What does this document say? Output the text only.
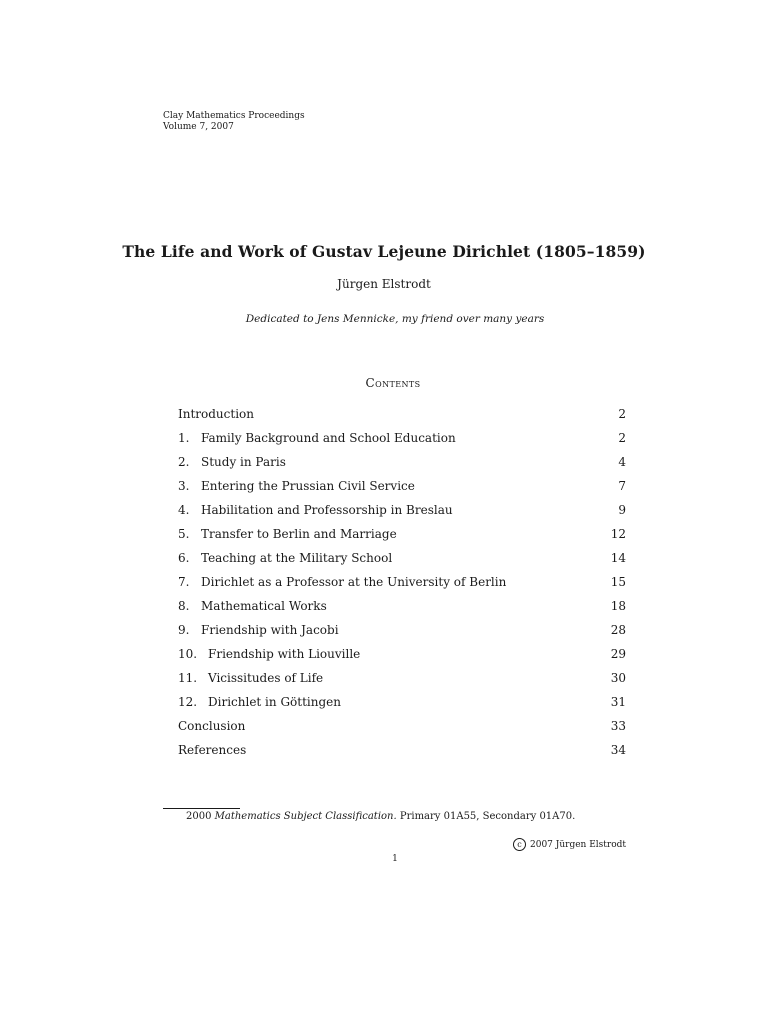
Clay Mathematics Proceedings
Volume 7, 2007
The Life and Work of Gustav Lejeune Dirichlet (1805–1859)
Jürgen Elstrodt
Dedicated to Jens Mennicke, my friend over many years
Contents
Introduction	2
1. Family Background and School Education	2
2. Study in Paris	4
3. Entering the Prussian Civil Service	7
4. Habilitation and Professorship in Breslau	9
5. Transfer to Berlin and Marriage	12
6. Teaching at the Military School	14
7. Dirichlet as a Professor at the University of Berlin	15
8. Mathematical Works	18
9. Friendship with Jacobi	28
10. Friendship with Liouville	29
11. Vicissitudes of Life	30
12. Dirichlet in Göttingen	31
Conclusion	33
References	34
2000 Mathematics Subject Classification. Primary 01A55, Secondary 01A70.
c 2007 Jürgen Elstrodt
1
